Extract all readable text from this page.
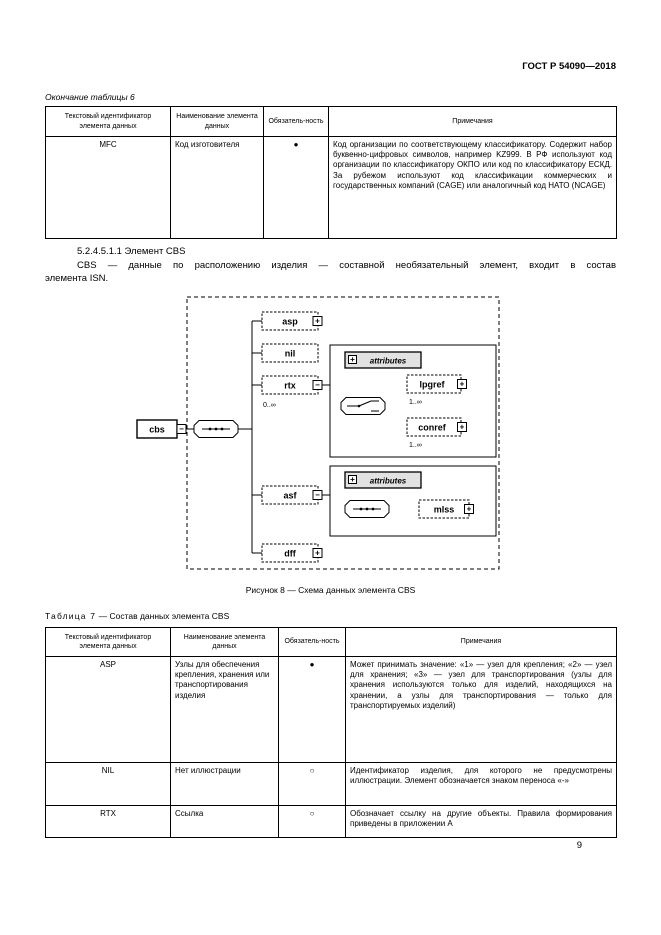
ГОСТ Р 54090—2018
Окончание таблицы 6
Текстовый идентификатор элемента данных	Наименование элемента данных	Обязатель-ность	Примечания
MFC	Код изготовителя	●	Код организации по соответствующему классификатору. Содержит набор буквенно-цифровых символов, например KZ999. В РФ используют код организации по классификатору ОКПО или код по классификатору ЕСКД. За рубежом используют код классификации коммерческих и государственных компаний (CAGE) или аналогичный код НАТО (NCAGE)
5.2.4.5.1.1 Элемент CBS
CBS — данные по расположению изделия — составной необязательный элемент, входит в состав
элемента ISN.
cbs −
asp +
nil
rtx −
0..∞
asf −
dff +
+ attributes
lpgref +
1..∞
conref +
1..∞
+ attributes
mlss +
Рисунок 8 — Схема данных элемента CBS
Таблица 7 — Состав данных элемента CBS
Текстовый идентификатор элемента данных	Наименование элемента данных	Обязатель-ность	Примечания
ASP	Узлы для обеспечения крепления, хранения или транспортирования изделия	●	Может принимать значение: «1» — узел для крепления; «2» — узел для хранения; «3» — узел для транспортирования (узлы для хранения используются только для изделий, находящихся на хранении, а узлы для транспортирования — только для транспортируемых изделий)
NIL	Нет иллюстрации	○	Идентификатор изделия, для которого не предусмотрены иллюстрации. Элемент обозначается знаком переноса «-»
RTX	Ссылка	○	Обозначает ссылку на другие объекты. Правила формирования приведены в приложении А
9
